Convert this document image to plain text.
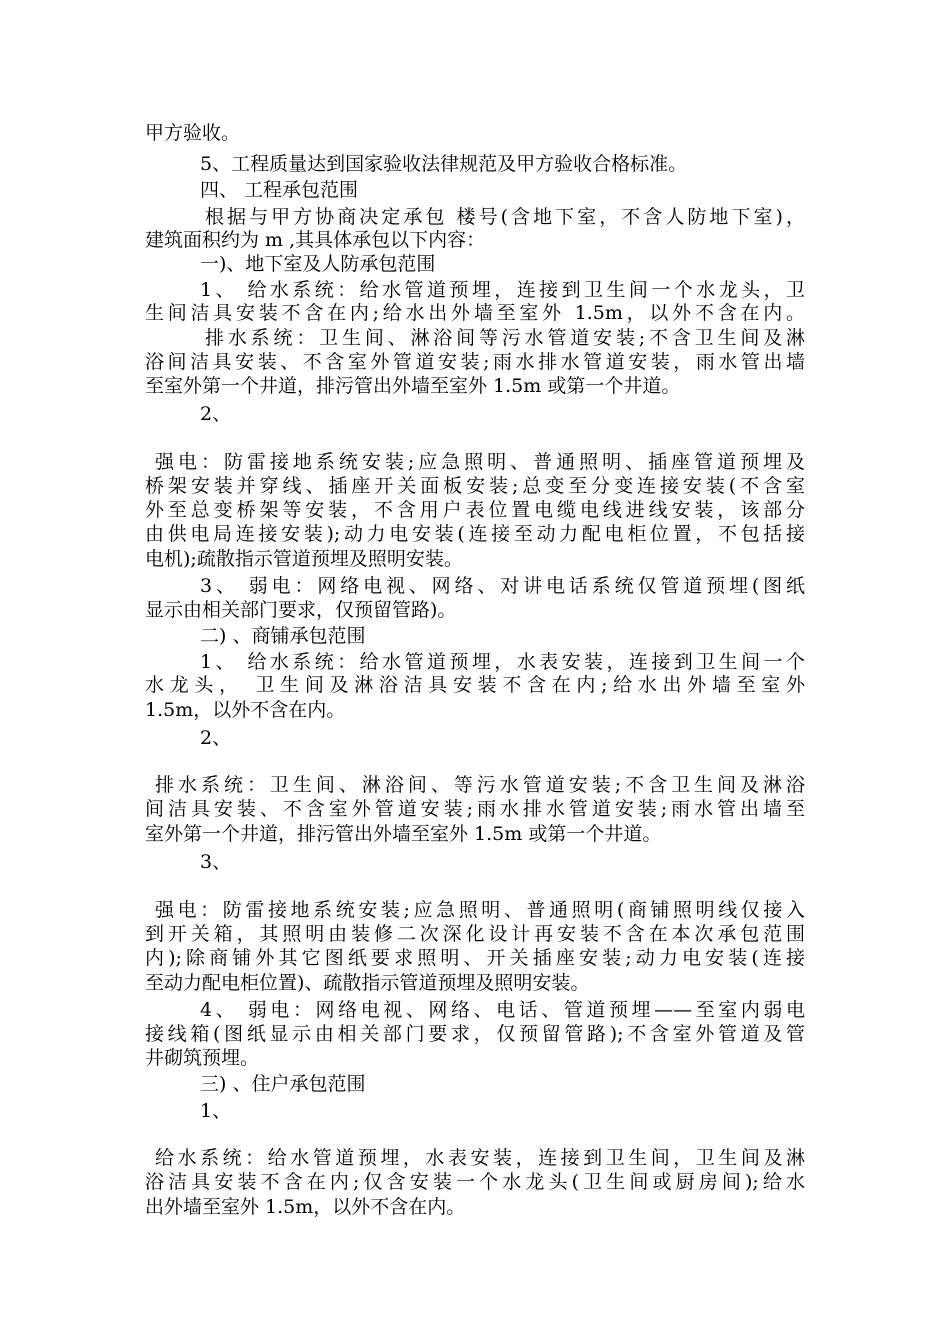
甲方验收。
5、工程质量达到国家验收法律规范及甲方验收合格标准。
四、 工程承包范围
根据与甲方协商决定承包 楼号(含地下室，不含人防地下室)，
建筑面积约为 m ,其具体承包以下内容：
一)、地下室及人防承包范围
1、 给水系统：给水管道预埋，连接到卫生间一个水龙头，卫
生间洁具安装不含在内;给水出外墙至室外 1.5m，以外不含在内。
排水系统：卫生间、淋浴间等污水管道安装;不含卫生间及淋
浴间洁具安装、不含室外管道安装;雨水排水管道安装，雨水管出墙
至室外第一个井道，排污管出外墙至室外 1.5m 或第一个井道。
2、
强电：防雷接地系统安装;应急照明、普通照明、插座管道预埋及
桥架安装并穿线、插座开关面板安装;总变至分变连接安装(不含室
外至总变桥架等安装，不含用户表位置电缆电线进线安装，该部分
由供电局连接安装);动力电安装(连接至动力配电柜位置，不包括接
电机);疏散指示管道预埋及照明安装。
3、 弱电：网络电视、网络、对讲电话系统仅管道预埋(图纸
显示由相关部门要求，仅预留管路)。
二) 、商铺承包范围
1、 给水系统：给水管道预埋，水表安装，连接到卫生间一个
水龙头， 卫生间及淋浴洁具安装不含在内;给水出外墙至室外
1.5m，以外不含在内。
2、
排水系统：卫生间、淋浴间、等污水管道安装;不含卫生间及淋浴
间洁具安装、不含室外管道安装;雨水排水管道安装;雨水管出墙至
室外第一个井道，排污管出外墙至室外 1.5m 或第一个井道。
3、
强电：防雷接地系统安装;应急照明、普通照明(商铺照明线仅接入
到开关箱，其照明由装修二次深化设计再安装不含在本次承包范围
内);除商铺外其它图纸要求照明、开关插座安装;动力电安装(连接
至动力配电柜位置)、疏散指示管道预埋及照明安装。
4、 弱电：网络电视、网络、电话、管道预埋——至室内弱电
接线箱(图纸显示由相关部门要求，仅预留管路);不含室外管道及管
井砌筑预埋。
三) 、住户承包范围
1、
给水系统：给水管道预埋，水表安装，连接到卫生间，卫生间及淋
浴洁具安装不含在内;仅含安装一个水龙头(卫生间或厨房间);给水
出外墙至室外 1.5m，以外不含在内。
